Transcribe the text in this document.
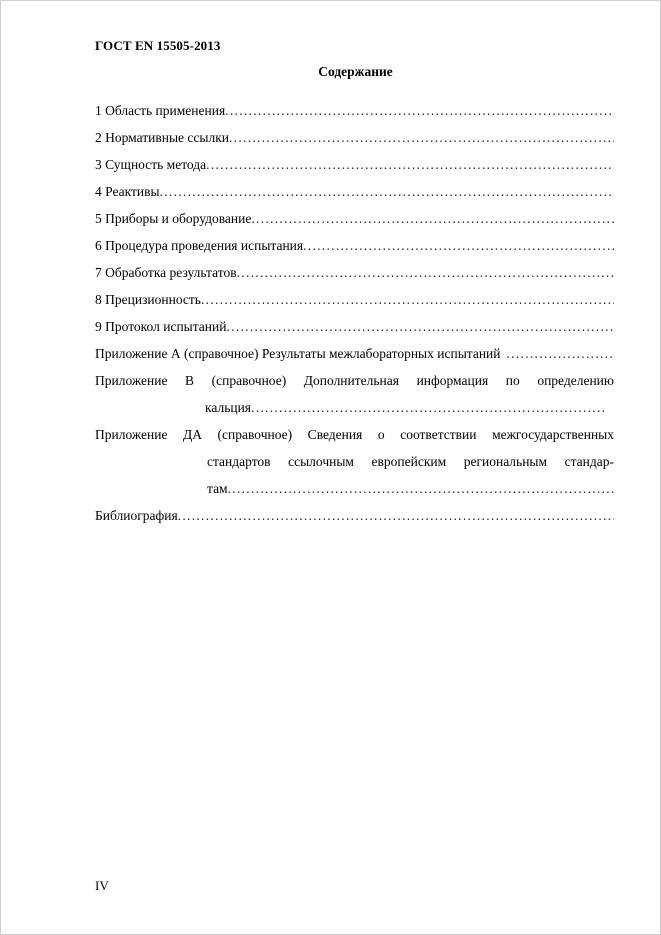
ГОСТ EN 15505-2013
Содержание
1 Область применения
.....
2 Нормативные ссылки
.....
3 Сущность метода
.....
4 Реактивы
.....
5 Приборы и оборудование
.....
6 Процедура проведения испытания
.....
7 Обработка результатов
.....
8 Прецизионность
.....
9 Протокол испытаний
.....
Приложение А (справочное) Результаты межлабораторных испытаний
.....
Приложение В (справочное) Дополнительная информация по определению
кальция
.....
Приложение ДА (справочное) Сведения о соответствии межгосударственных
стандартов ссылочным европейским региональным стандар-
там
.....
Библиография
.....
IV
